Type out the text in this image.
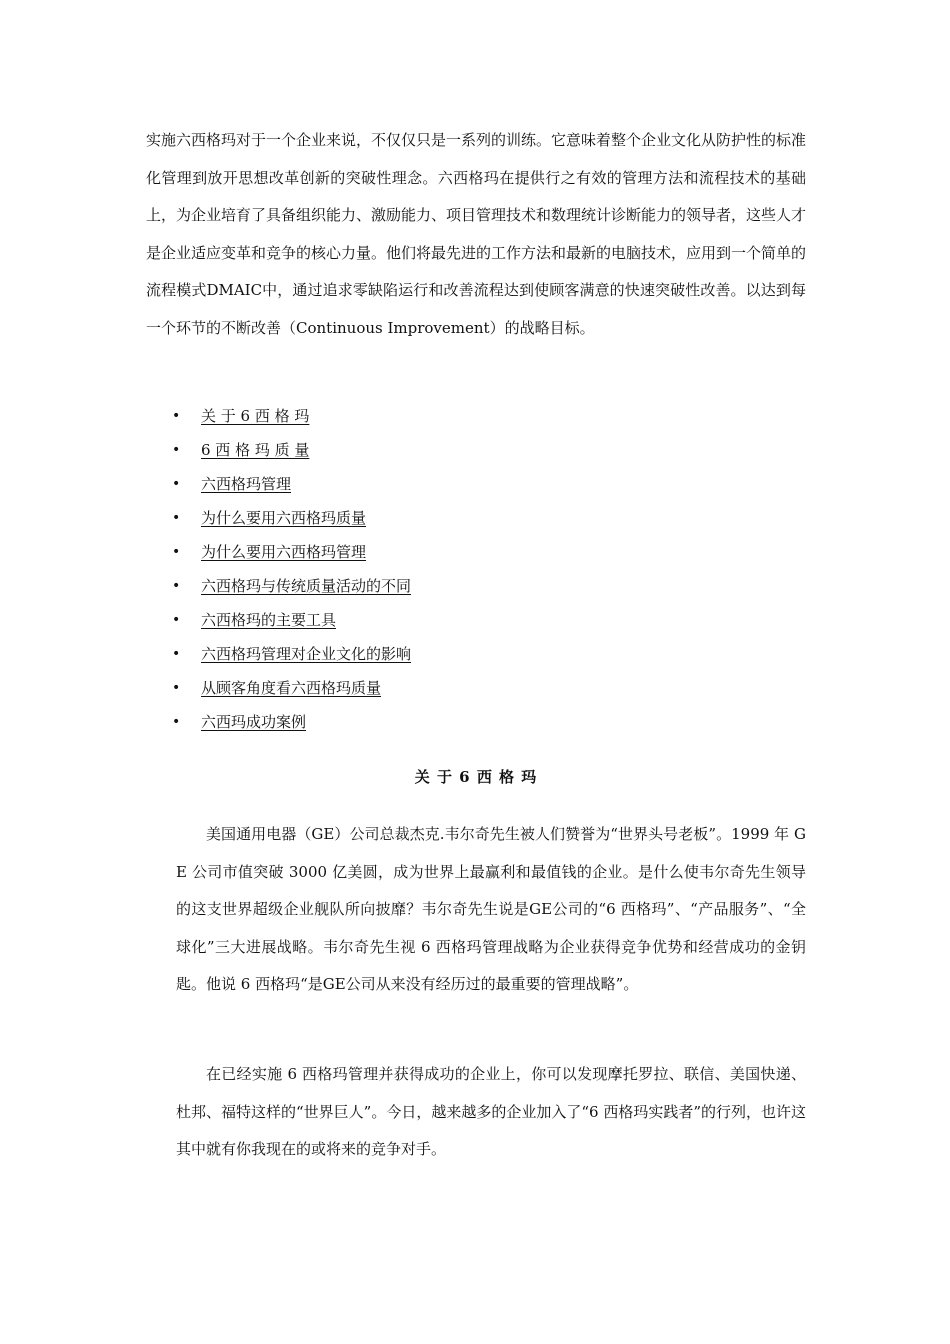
实施六西格玛对于一个企业来说，不仅仅只是一系列的训练。它意味着整个企业文化从防护性的标准化管理到放开思想改革创新的突破性理念。六西格玛在提供行之有效的管理方法和流程技术的基础上，为企业培育了具备组织能力、激励能力、项目管理技术和数理统计诊断能力的领导者，这些人才是企业适应变革和竞争的核心力量。他们将最先进的工作方法和最新的电脑技术，应用到一个简单的流程模式DMAIC中，通过追求零缺陷运行和改善流程达到使顾客满意的快速突破性改善。以达到每一个环节的不断改善（Continuous Improvement）的战略目标。

• 关 于 6 西 格 玛
• 6 西 格 玛 质 量
• 六西格玛管理
• 为什么要用六西格玛质量
• 为什么要用六西格玛管理
• 六西格玛与传统质量活动的不同
• 六西格玛的主要工具
• 六西格玛管理对企业文化的影响
• 从顾客角度看六西格玛质量
• 六西玛成功案例
关 于 6 西 格 玛

美国通用电器（GE）公司总裁杰克.韦尔奇先生被人们赞誉为“世界头号老板”。1999 年 GE 公司市值突破 3000 亿美圆，成为世界上最赢利和最值钱的企业。是什么使韦尔奇先生领导的这支世界超级企业舰队所向披靡？韦尔奇先生说是GE公司的“6 西格玛”、“产品服务”、“全球化”三大进展战略。韦尔奇先生视 6 西格玛管理战略为企业获得竞争优势和经营成功的金钥匙。他说 6 西格玛“是GE公司从来没有经历过的最重要的管理战略”。

在已经实施 6 西格玛管理并获得成功的企业上，你可以发现摩托罗拉、联信、美国快递、杜邦、福特这样的“世界巨人”。今日，越来越多的企业加入了“6 西格玛实践者”的行列，也许这其中就有你我现在的或将来的竞争对手。
